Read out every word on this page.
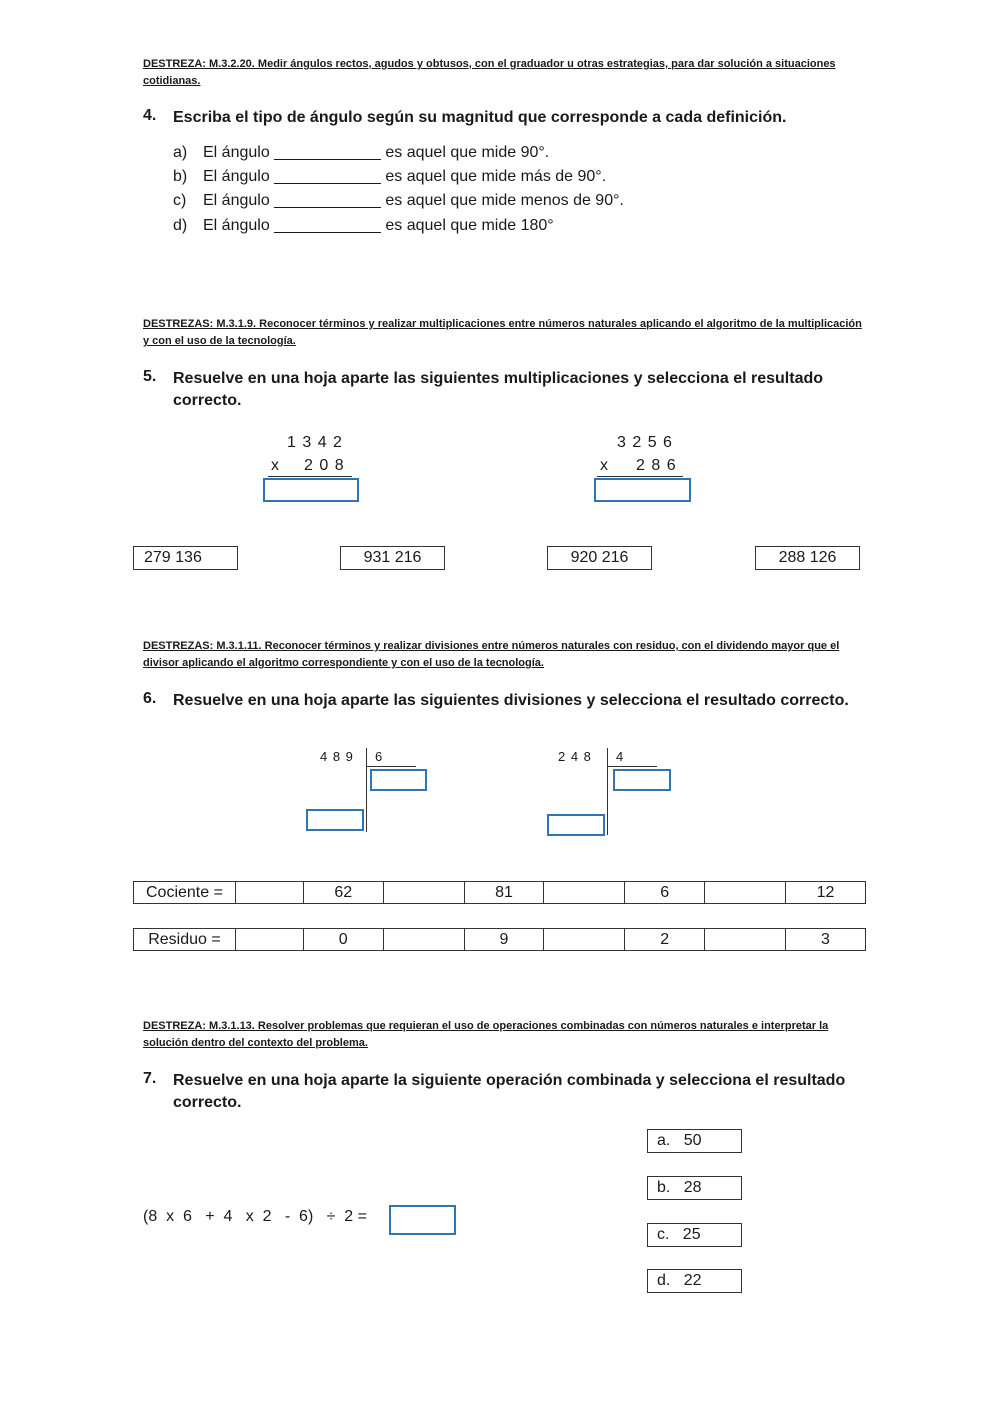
DESTREZA: M.3.2.20. Medir ángulos rectos, agudos y obtusos, con el graduador u otras estrategias, para dar solución a situaciones cotidianas.
4. Escriba el tipo de ángulo según su magnitud que corresponde a cada definición.
a) El ángulo ____________ es aquel que mide 90°.
b) El ángulo ____________ es aquel que mide más de 90°.
c) El ángulo ____________ es aquel que mide menos de 90°.
d) El ángulo ____________ es aquel que mide 180°
DESTREZAS: M.3.1.9. Reconocer términos y realizar multiplicaciones entre números naturales aplicando el algoritmo de la multiplicación y con el uso de la tecnología.
5. Resuelve en una hoja aparte las siguientes multiplicaciones y selecciona el resultado correcto.
1 3 4 2
x 2 0 8
3 2 5 6
x 2 8 6
279 136	931 216	920 216	288 126
DESTREZAS: M.3.1.11. Reconocer términos y realizar divisiones entre números naturales con residuo, con el dividendo mayor que el divisor aplicando el algoritmo correspondiente y con el uso de la tecnología.
6. Resuelve en una hoja aparte las siguientes divisiones y selecciona el resultado correcto.
4 8 9 6	2 4 8 4
Cociente =		62		81		6		12
Residuo =		0		9		2		3
DESTREZA: M.3.1.13. Resolver problemas que requieran el uso de operaciones combinadas con números naturales e interpretar la solución dentro del contexto del problema.
7. Resuelve en una hoja aparte la siguiente operación combinada y selecciona el resultado correcto.
(8  x  6   +  4   x  2   -  6)   ÷  2 =
a. 50
b. 28
c. 25
d. 22
